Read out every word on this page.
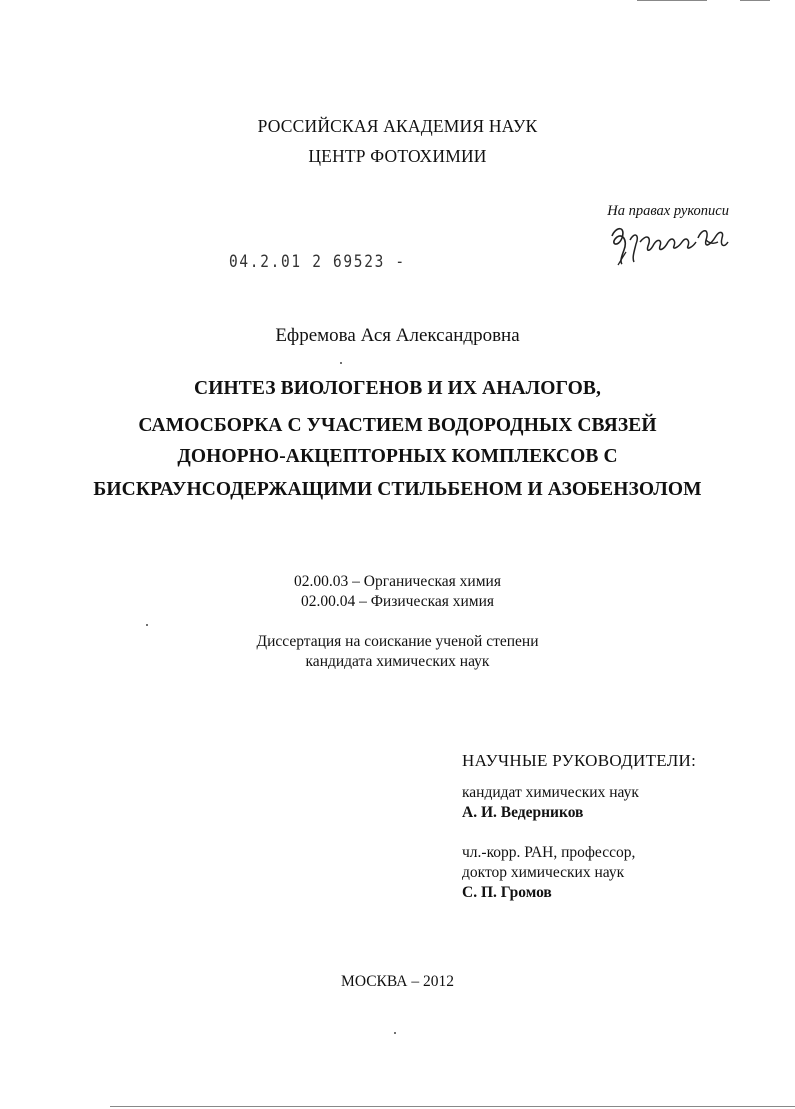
РОССИЙСКАЯ АКАДЕМИЯ НАУК
ЦЕНТР ФОТОХИМИИ
На правах рукописи
04.2.01 2 69523 -
Ефремова Ася Александровна
СИНТЕЗ ВИОЛОГЕНОВ И ИХ АНАЛОГОВ,
САМОСБОРКА С УЧАСТИЕМ ВОДОРОДНЫХ СВЯЗЕЙ
ДОНОРНО-АКЦЕПТОРНЫХ КОМПЛЕКСОВ С
БИСКРАУНСОДЕРЖАЩИМИ СТИЛЬБЕНОМ И АЗОБЕНЗОЛОМ
02.00.03 – Органическая химия
02.00.04 – Физическая химия
Диссертация на соискание ученой степени
кандидата химических наук
НАУЧНЫЕ РУКОВОДИТЕЛИ:
кандидат химических наук
А. И. Ведерников
чл.-корр. РАН, профессор,
доктор химических наук
С. П. Громов
МОСКВА – 2012
